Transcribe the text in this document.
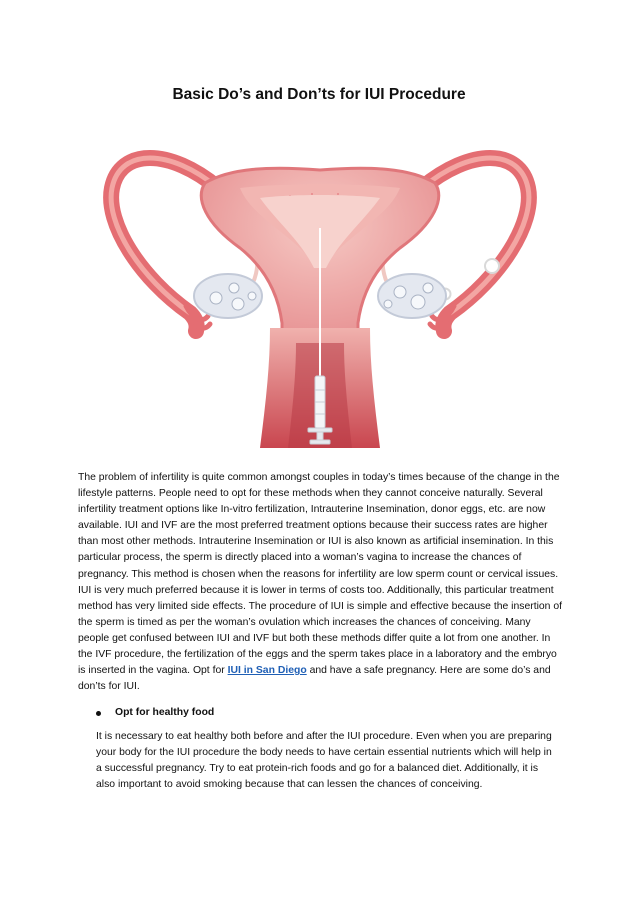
Basic Do’s and Don’ts for IUI Procedure

The problem of infertility is quite common amongst couples in today’s times because of the change in the lifestyle patterns. People need to opt for these methods when they cannot conceive naturally. Several infertility treatment options like In-vitro fertilization, Intrauterine Insemination, donor eggs, etc. are now available. IUI and IVF are the most preferred treatment options because their success rates are higher than most other methods. Intrauterine Insemination or IUI is also known as artificial insemination. In this particular process, the sperm is directly placed into a woman’s vagina to increase the chances of pregnancy. This method is chosen when the reasons for infertility are low sperm count or cervical issues. IUI is very much preferred because it is lower in terms of costs too. Additionally, this particular treatment method has very limited side effects. The procedure of IUI is simple and effective because the insertion of the sperm is timed as per the woman’s ovulation which increases the chances of conceiving. Many people get confused between IUI and IVF but both these methods differ quite a lot from one another. In the IVF procedure, the fertilization of the eggs and the sperm takes place in a laboratory and the embryo is inserted in the vagina. Opt for IUI in San Diego and have a safe pregnancy. Here are some do’s and don’ts for IUI.

Opt for healthy food

It is necessary to eat healthy both before and after the IUI procedure. Even when you are preparing your body for the IUI procedure the body needs to have certain essential nutrients which will help in a successful pregnancy. Try to eat protein-rich foods and go for a balanced diet. Additionally, it is also important to avoid smoking because that can lessen the chances of conceiving.
